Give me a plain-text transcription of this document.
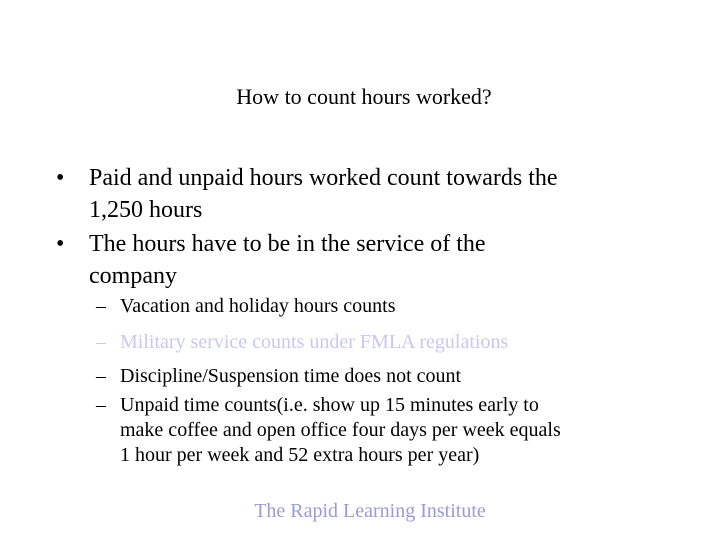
How to count hours worked?
•	Paid and unpaid hours worked count towards the
1,250 hours
•	The hours have to be in the service of the
company
– Vacation and holiday hours counts
– Military service counts under FMLA regulations
– Discipline/Suspension time does not count
– Unpaid time counts(i.e. show up 15 minutes early to
make coffee and open office four days per week equals
1 hour per week and 52 extra hours per year)
The Rapid Learning Institute
